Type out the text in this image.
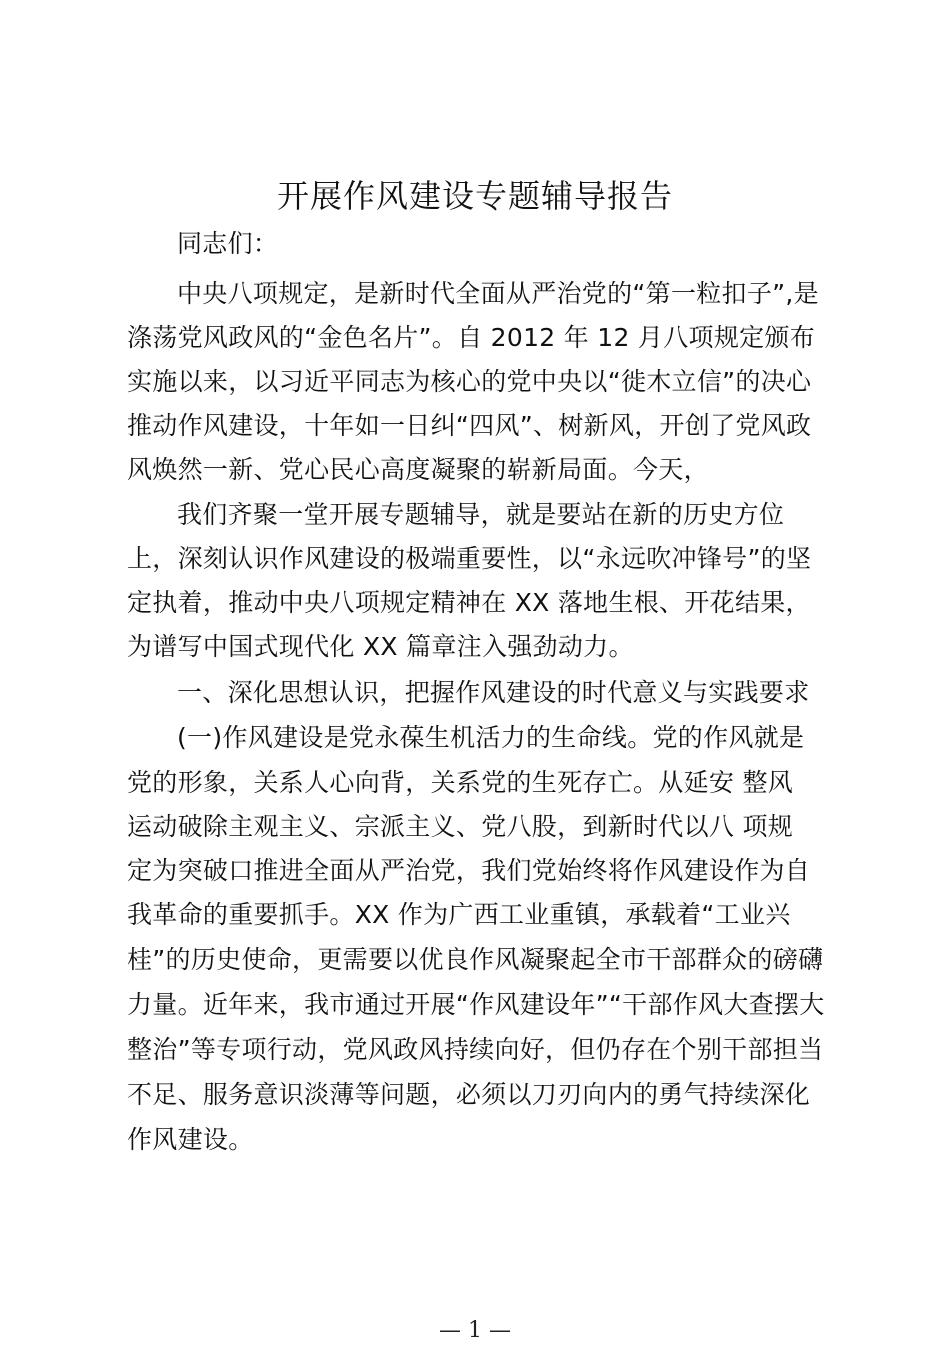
开展作风建设专题辅导报告
同志们：
中央八项规定，是新时代全面从严治党的“第一粒扣子”,是
涤荡党风政风的“金色名片”。自 2012 年 12 月八项规定颁布
实施以来，以习近平同志为核心的党中央以“徙木立信”的决心
推动作风建设，十年如一日纠“四风”、树新风，开创了党风政
风焕然一新、党心民心高度凝聚的崭新局面。今天，
我们齐聚一堂开展专题辅导，就是要站在新的历史方位
上，深刻认识作风建设的极端重要性，以“永远吹冲锋号”的坚
定执着，推动中央八项规定精神在 XX 落地生根、开花结果，
为谱写中国式现代化 XX 篇章注入强劲动力。
一、深化思想认识，把握作风建设的时代意义与实践要求
(一)作风建设是党永葆生机活力的生命线。党的作风就是
党的形象，关系人心向背，关系党的生死存亡。从延安 整风
运动破除主观主义、宗派主义、党八股，到新时代以八 项规
定为突破口推进全面从严治党，我们党始终将作风建设作为自
我革命的重要抓手。XX 作为广西工业重镇，承载着“工业兴
桂”的历史使命，更需要以优良作风凝聚起全市干部群众的磅礴
力量。近年来，我市通过开展“作风建设年”“干部作风大查摆大
整治”等专项行动，党风政风持续向好，但仍存在个别干部担当
不足、服务意识淡薄等问题，必须以刀刃向内的勇气持续深化
作风建设。
— 1 —
